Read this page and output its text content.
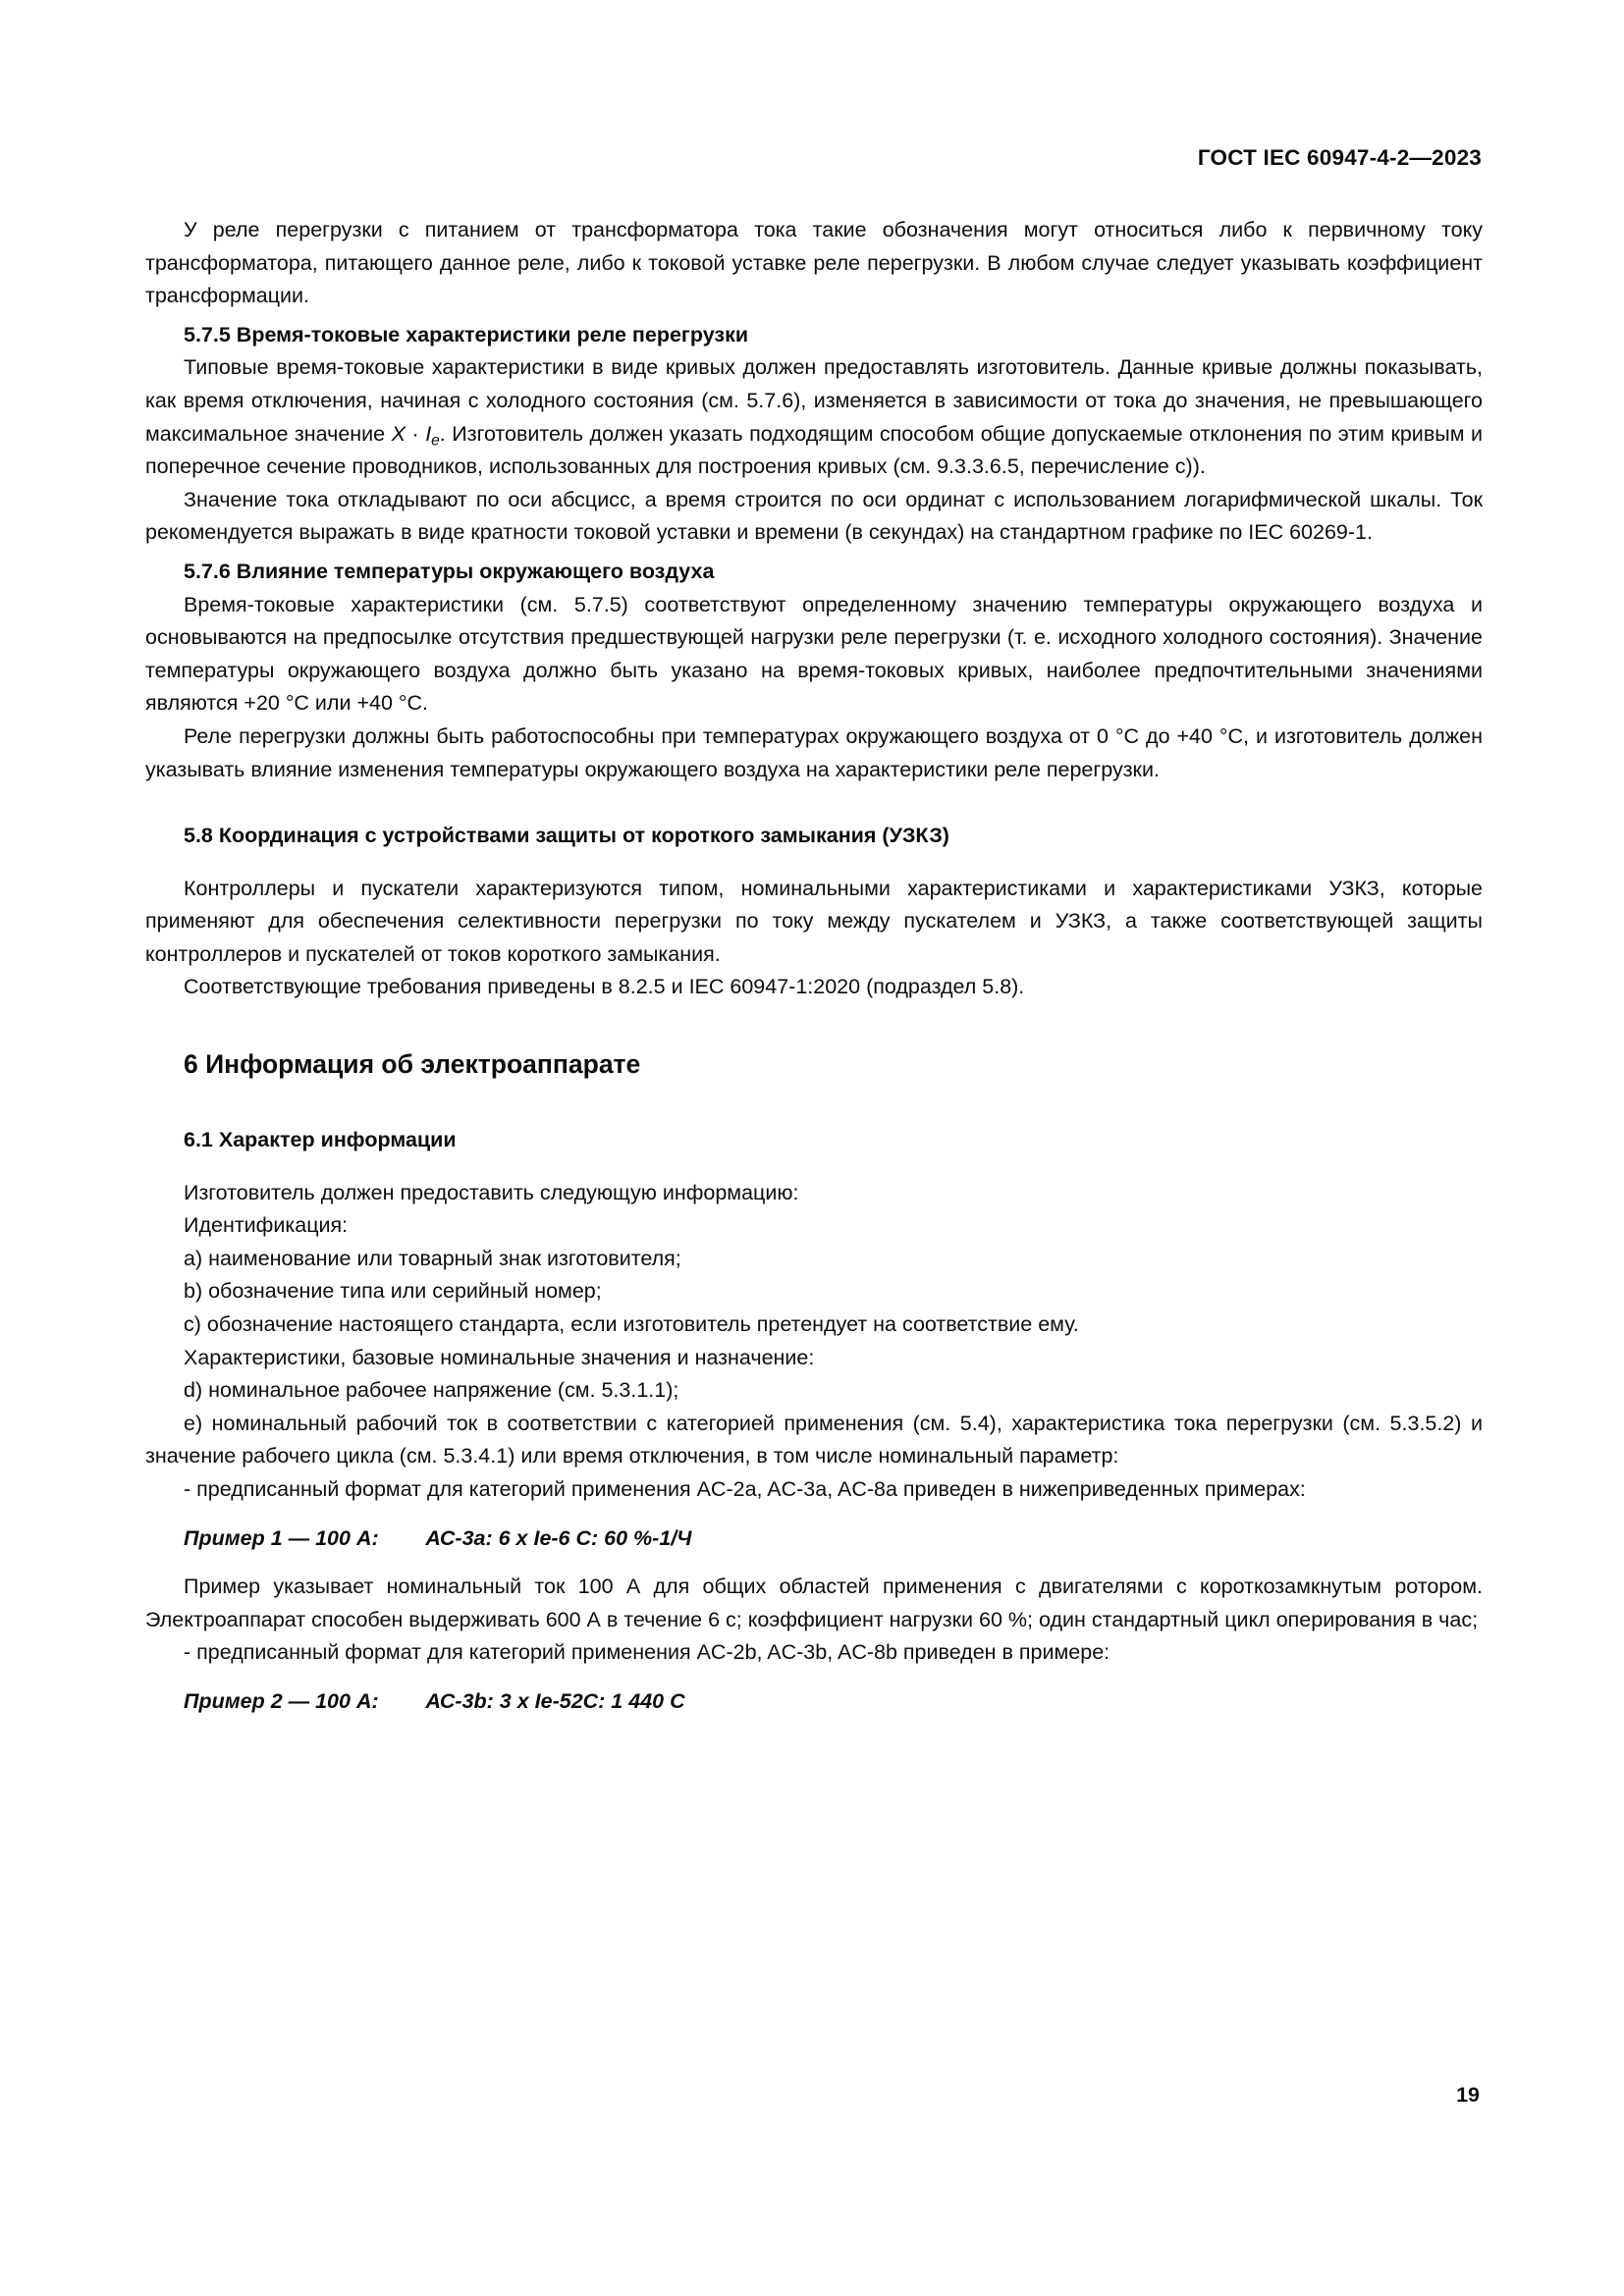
ГОСТ IEC 60947-4-2—2023

У реле перегрузки с питанием от трансформатора тока такие обозначения могут относиться либо к первичному току трансформатора, питающего данное реле, либо к токовой уставке реле перегрузки. В любом случае следует указывать коэффициент трансформации.

5.7.5 Время-токовые характеристики реле перегрузки

Типовые время-токовые характеристики в виде кривых должен предоставлять изготовитель. Данные кривые должны показывать, как время отключения, начиная с холодного состояния (см. 5.7.6), изменяется в зависимости от тока до значения, не превышающего максимальное значение $X \cdot I_e$. Изготовитель должен указать подходящим способом общие допускаемые отклонения по этим кривым и поперечное сечение проводников, использованных для построения кривых (см. 9.3.3.6.5, перечисление с)).

Значение тока откладывают по оси абсцисс, а время строится по оси ординат с использованием логарифмической шкалы. Ток рекомендуется выражать в виде кратности токовой уставки и времени (в секундах) на стандартном графике по IEC 60269-1.

5.7.6 Влияние температуры окружающего воздуха

Время-токовые характеристики (см. 5.7.5) соответствуют определенному значению температуры окружающего воздуха и основываются на предпосылке отсутствия предшествующей нагрузки реле перегрузки (т. е. исходного холодного состояния). Значение температуры окружающего воздуха должно быть указано на время-токовых кривых, наиболее предпочтительными значениями являются +20 °С или +40 °С.

Реле перегрузки должны быть работоспособны при температурах окружающего воздуха от 0 °С до +40 °С, и изготовитель должен указывать влияние изменения температуры окружающего воздуха на характеристики реле перегрузки.

5.8 Координация с устройствами защиты от короткого замыкания (УЗКЗ)

Контроллеры и пускатели характеризуются типом, номинальными характеристиками и характеристиками УЗКЗ, которые применяют для обеспечения селективности перегрузки по току между пускателем и УЗКЗ, а также соответствующей защиты контроллеров и пускателей от токов короткого замыкания.

Соответствующие требования приведены в 8.2.5 и IEC 60947-1:2020 (подраздел 5.8).

6 Информация об электроаппарате
6.1 Характер информации

Изготовитель должен предоставить следующую информацию:

Идентификация:

a) наименование или товарный знак изготовителя;

b) обозначение типа или серийный номер;

c) обозначение настоящего стандарта, если изготовитель претендует на соответствие ему.

Характеристики, базовые номинальные значения и назначение:

d) номинальное рабочее напряжение (см. 5.3.1.1);

e) номинальный рабочий ток в соответствии с категорией применения (см. 5.4), характеристика тока перегрузки (см. 5.3.5.2) и значение рабочего цикла (см. 5.3.4.1) или время отключения, в том числе номинальный параметр:

- предписанный формат для категорий применения AC-2a, AC-3a, AC-8a приведен в нижеприведенных примерах:

Пример 1 — 100 А:        АС-3а: 6 x Ie-6 C: 60 %-1/Ч

Пример указывает номинальный ток 100 А для общих областей применения с двигателями с короткозамкнутым ротором. Электроаппарат способен выдерживать 600 А в течение 6 с; коэффициент нагрузки 60 %; один стандартный цикл оперирования в час;

- предписанный формат для категорий применения AC-2b, AC-3b, AC-8b приведен в примере:

Пример 2 — 100 А:        АС-3b: 3 x Ie-52С: 1 440 С
19
